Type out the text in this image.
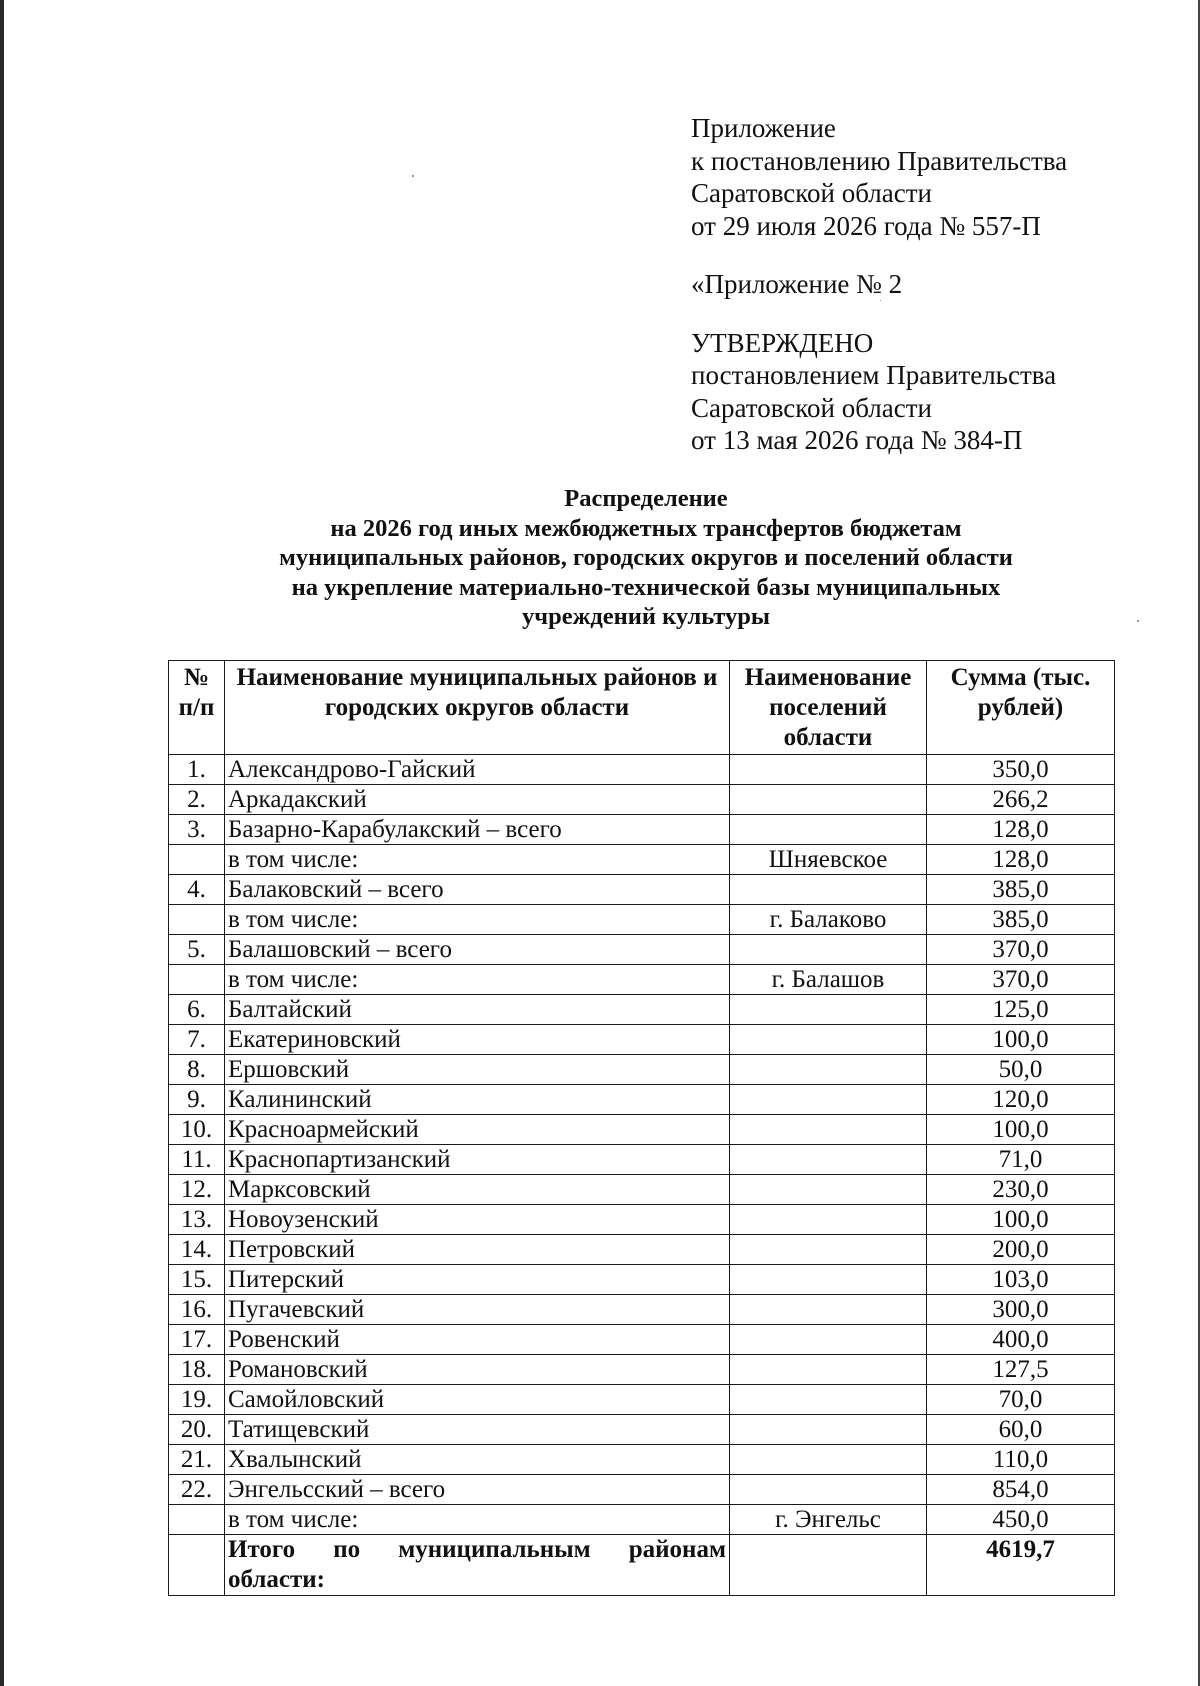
Приложение
к постановлению Правительства
Саратовской области
от 29 июля 2026 года № 557-П
«Приложение № 2
УТВЕРЖДЕНО
постановлением Правительства
Саратовской области
от 13 мая 2026 года № 384-П
Распределение
на 2026 год иных межбюджетных трансфертов бюджетам
муниципальных районов, городских округов и поселений области
на укрепление материально-технической базы муниципальных
учреждений культуры
№ п/п	Наименование муниципальных районов и городских округов области	Наименование поселений области	Сумма (тыс. рублей)
1.	Александрово-Гайский		350,0
2.	Аркадакский		266,2
3.	Базарно-Карабулакский – всего		128,0
	в том числе:	Шняевское	128,0
4.	Балаковский – всего		385,0
	в том числе:	г. Балаково	385,0
5.	Балашовский – всего		370,0
	в том числе:	г. Балашов	370,0
6.	Балтайский		125,0
7.	Екатериновский		100,0
8.	Ершовский		50,0
9.	Калининский		120,0
10.	Красноармейский		100,0
11.	Краснопартизанский		71,0
12.	Марксовский		230,0
13.	Новоузенский		100,0
14.	Петровский		200,0
15.	Питерский		103,0
16.	Пугачевский		300,0
17.	Ровенский		400,0
18.	Романовский		127,5
19.	Самойловский		70,0
20.	Татищевский		60,0
21.	Хвалынский		110,0
22.	Энгельсский – всего		854,0
	в том числе:	г. Энгельс	450,0
	Итого по муниципальным районам области:		4619,7
